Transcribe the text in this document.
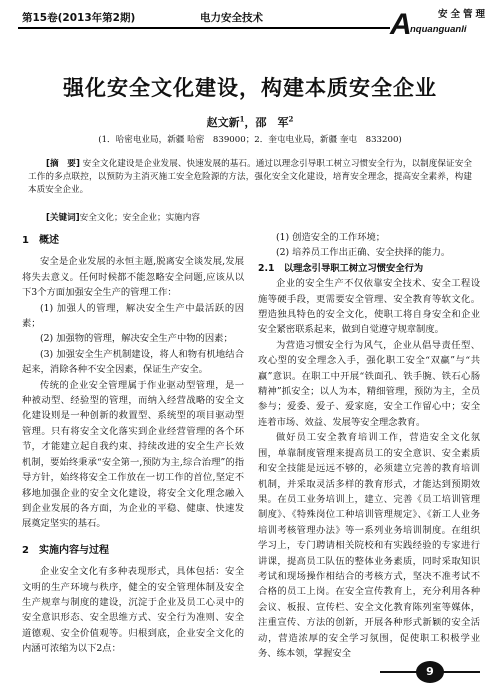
第15卷(2013年第2期)	电力安全技术	安全管理
A
nquanguanli
强化安全文化建设，构建本质安全企业
赵文新$^1$，邵　军$^2$
(1．哈密电业局，新疆 哈密　839000；2．奎屯电业局，新疆 奎屯　833200)

[摘　要] 安全文化建设是企业发展、快速发展的基石。通过以理念引导职工树立习惯安全行为，以制度保证安全工作的多点联控，以预防为主消灭施工安全危险源的方法，强化安全文化建设，培育安全理念，提高安全素养，构建本质安全企业。

[关键词]安全文化；安全企业；实施内容
1　概述

安全是企业发展的永恒主题,脱离安全谈发展,发展将失去意义。任何时候都不能忽略安全问题,应该从以下3个方面加强安全生产的管理工作：

(1) 加强人的管理，解决安全生产中最活跃的因素；

(2) 加强物的管理，解决安全生产中物的因素；

(3) 加强安全生产机制建设，将人和物有机地结合起来，消除各种不安全因素，保证生产安全。

传统的企业安全管理属于作业驱动型管理，是一种被动型、经验型的管理，而纳入经营战略的安全文化建设则是一种创新的救置型、系统型的项目驱动型管理。只有将安全文化落实到企业经营管理的各个环节，才能建立起自我约束、持续改进的安全生产长效机制，要始终秉承“安全第一,预防为主,综合治理”的指导方针，始终将安全工作放在一切工作的首位,坚定不移地加强企业的安全文化建设，将安全文化理念融入到企业发展的各方面，为企业的平稳、健康、快速发展奠定坚实的基石。

2　实施内容与过程

企业安全文化有多种表现形式，具体包括：安全文明的生产环境与秩序，健全的安全管理体制及安全生产规章与制度的建设，沉淀于企业及员工心灵中的安全意识形态、安全思维方式、安全行为准则、安全道德观、安全价值观等。归根到底，企业安全文化的内涵可浓缩为以下2点：

(1) 创造安全的工作环境；

(2) 培养员工作出正确、安全抉择的能力。

2.1　以理念引导职工树立习惯安全行为

企业的安全生产不仅依靠安全技术、安全工程设施等硬手段，更需要安全管理、安全教育等软文化。塑造独具特色的安全文化，使职工将自身安全和企业安全紧密联系起来，做到自觉遵守规章制度。

为营造习惯安全行为风气，企业从倡导责任型、攻心型的安全理念入手，强化职工安全“双赢”与“共赢”意识。在职工中开展“铁面孔、铁手腕、铁石心肠精神”抓安全；以人为本，精细管理，预防为主，全员参与；爱委、爱子、爱家庭，安全工作留心中；安全连着市场、效益、发展等安全理念教育。

做好员工安全教育培训工作，营造安全文化氛围，单靠制度管理来提高员工的安全意识、安全素质和安全技能是远远不够的，必须建立完善的教育培训机制，并采取灵活多样的教育形式，才能达到预期效果。在员工业务培训上，建立、完善《员工培训管理制度》、《特殊岗位工种培训管理规定》、《新工人业务培训考核管理办法》等一系列业务培训制度。在组织学习上，专门聘请相关院校和有实践经验的专家进行讲课，提高员工队伍的整体业务素质，同时采取知识考试和现场操作相结合的考核方式，坚决不准考试不合格的员工上岗。在安全宣传教育上，充分利用各种会议、板报、宣传栏、安全文化教育陈列室等媒体，注重宣传、方法的创新，开展各种形式新颖的安全活动，营造浓厚的安全学习氛围，促使职工积极学业务、练本领，掌握安全

9
